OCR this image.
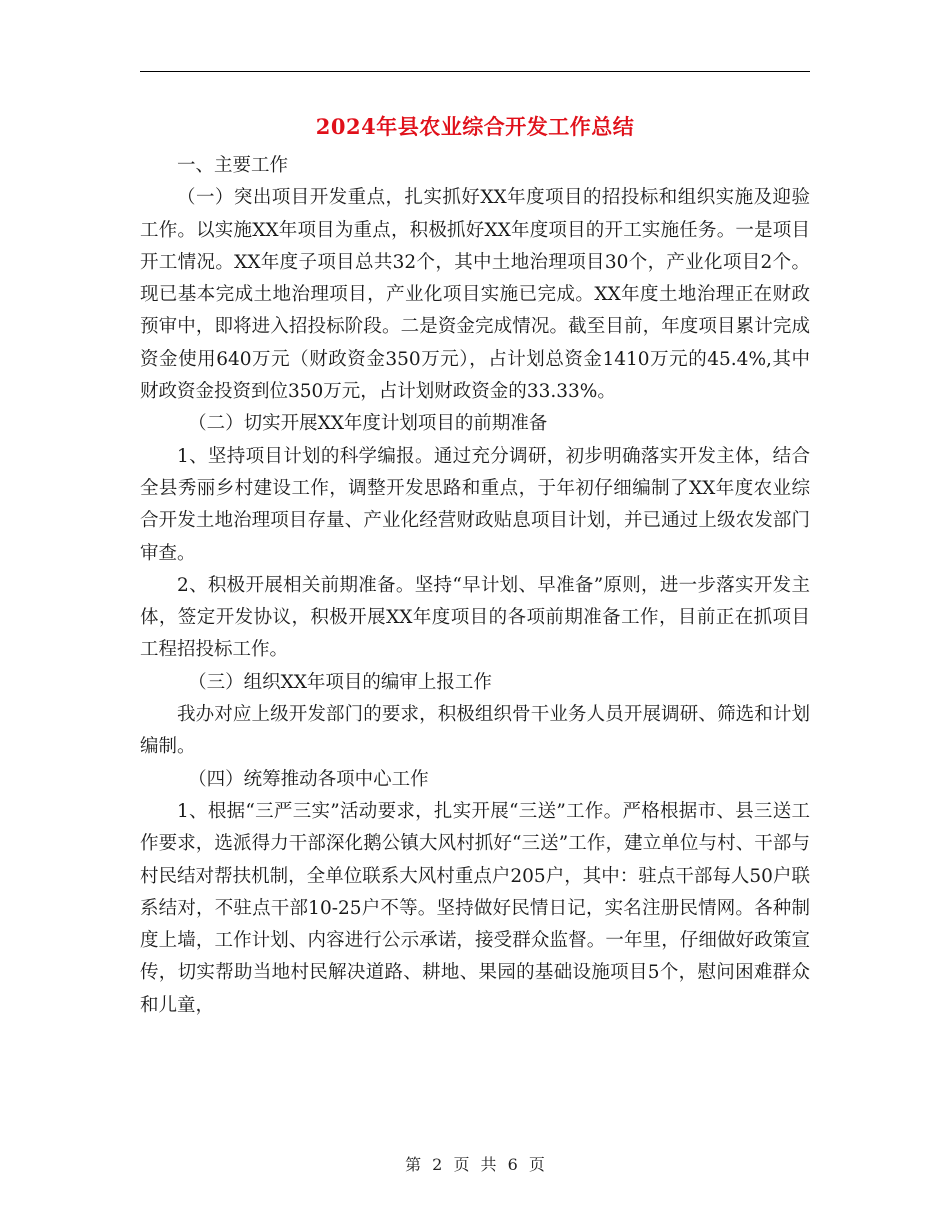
2024年县农业综合开发工作总结

一、主要工作

（一）突出项目开发重点，扎实抓好XX年度项目的招投标和组织实施及迎验工作。以实施XX年项目为重点，积极抓好XX年度项目的开工实施任务。一是项目开工情况。XX年度子项目总共32个，其中土地治理项目30个，产业化项目2个。现已基本完成土地治理项目，产业化项目实施已完成。XX年度土地治理正在财政预审中，即将进入招投标阶段。二是资金完成情况。截至目前，年度项目累计完成资金使用640万元（财政资金350万元），占计划总资金1410万元的45.4%,其中财政资金投资到位350万元，占计划财政资金的33.33%。

（二）切实开展XX年度计划项目的前期准备

1、坚持项目计划的科学编报。通过充分调研，初步明确落实开发主体，结合全县秀丽乡村建设工作，调整开发思路和重点，于年初仔细编制了XX年度农业综合开发土地治理项目存量、产业化经营财政贴息项目计划，并已通过上级农发部门审查。

2、积极开展相关前期准备。坚持“早计划、早准备”原则，进一步落实开发主体，签定开发协议，积极开展XX年度项目的各项前期准备工作，目前正在抓项目工程招投标工作。

（三）组织XX年项目的编审上报工作

我办对应上级开发部门的要求，积极组织骨干业务人员开展调研、筛选和计划编制。

（四）统筹推动各项中心工作

1、根据“三严三实”活动要求，扎实开展“三送”工作。严格根据市、县三送工作要求，选派得力干部深化鹅公镇大风村抓好“三送”工作，建立单位与村、干部与村民结对帮扶机制，全单位联系大风村重点户205户，其中：驻点干部每人50户联系结对，不驻点干部10-25户不等。坚持做好民情日记，实名注册民情网。各种制度上墙，工作计划、内容进行公示承诺，接受群众监督。一年里，仔细做好政策宣传，切实帮助当地村民解决道路、耕地、果园的基础设施项目5个，慰问困难群众和儿童，

第 2 页 共 6 页
